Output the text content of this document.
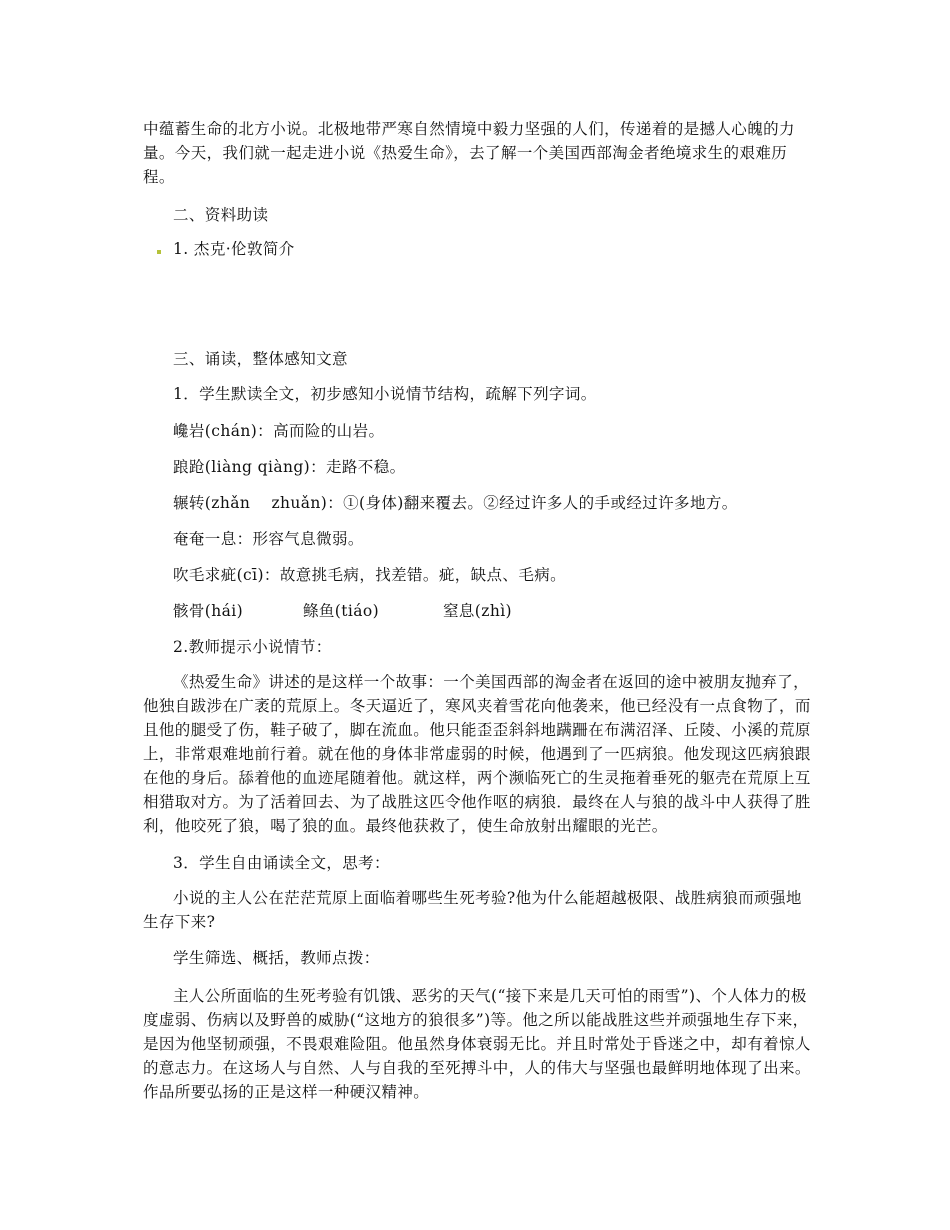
中蕴蓄生命的北方小说。北极地带严寒自然情境中毅力坚强的人们，传递着的是撼人心魄的力量。今天，我们就一起走进小说《热爱生命》，去了解一个美国西部淘金者绝境求生的艰难历程。
二、资料助读
1. 杰克·伦敦简介
三、诵读，整体感知文意
1．学生默读全文，初步感知小说情节结构，疏解下列字词。
巉岩(chán)：高而险的山岩。
踉跄(liàng qiàng)：走路不稳。
辗转(zhǎn　 zhuǎn)：①(身体)翻来覆去。②经过许多人的手或经过许多地方。
奄奄一息：形容气息微弱。
吹毛求疵(cī)：故意挑毛病，找差错。疵，缺点、毛病。
骸骨(hái)	鲦鱼(tiáo)	窒息(zhì)
2.教师提示小说情节：
《热爱生命》讲述的是这样一个故事：一个美国西部的淘金者在返回的途中被朋友抛弃了，他独自跋涉在广袤的荒原上。冬天逼近了，寒风夹着雪花向他袭来，他已经没有一点食物了，而且他的腿受了伤，鞋子破了，脚在流血。他只能歪歪斜斜地蹒跚在布满沼泽、丘陵、小溪的荒原上，非常艰难地前行着。就在他的身体非常虚弱的时候，他遇到了一匹病狼。他发现这匹病狼跟在他的身后。舔着他的血迹尾随着他。就这样，两个濒临死亡的生灵拖着垂死的躯壳在荒原上互相猎取对方。为了活着回去、为了战胜这匹令他作呕的病狼．最终在人与狼的战斗中人获得了胜利，他咬死了狼，喝了狼的血。最终他获救了，使生命放射出耀眼的光芒。
3．学生自由诵读全文，思考：
小说的主人公在茫茫荒原上面临着哪些生死考验?他为什么能超越极限、战胜病狼而顽强地生存下来?
学生筛选、概括，教师点拨：
主人公所面临的生死考验有饥饿、恶劣的天气(“接下来是几天可怕的雨雪”)、个人体力的极度虚弱、伤病以及野兽的威胁(“这地方的狼很多”)等。他之所以能战胜这些并顽强地生存下来，是因为他坚韧顽强，不畏艰难险阻。他虽然身体衰弱无比。并且时常处于昏迷之中，却有着惊人的意志力。在这场人与自然、人与自我的至死搏斗中，人的伟大与坚强也最鲜明地体现了出来。作品所要弘扬的正是这样一种硬汉精神。
